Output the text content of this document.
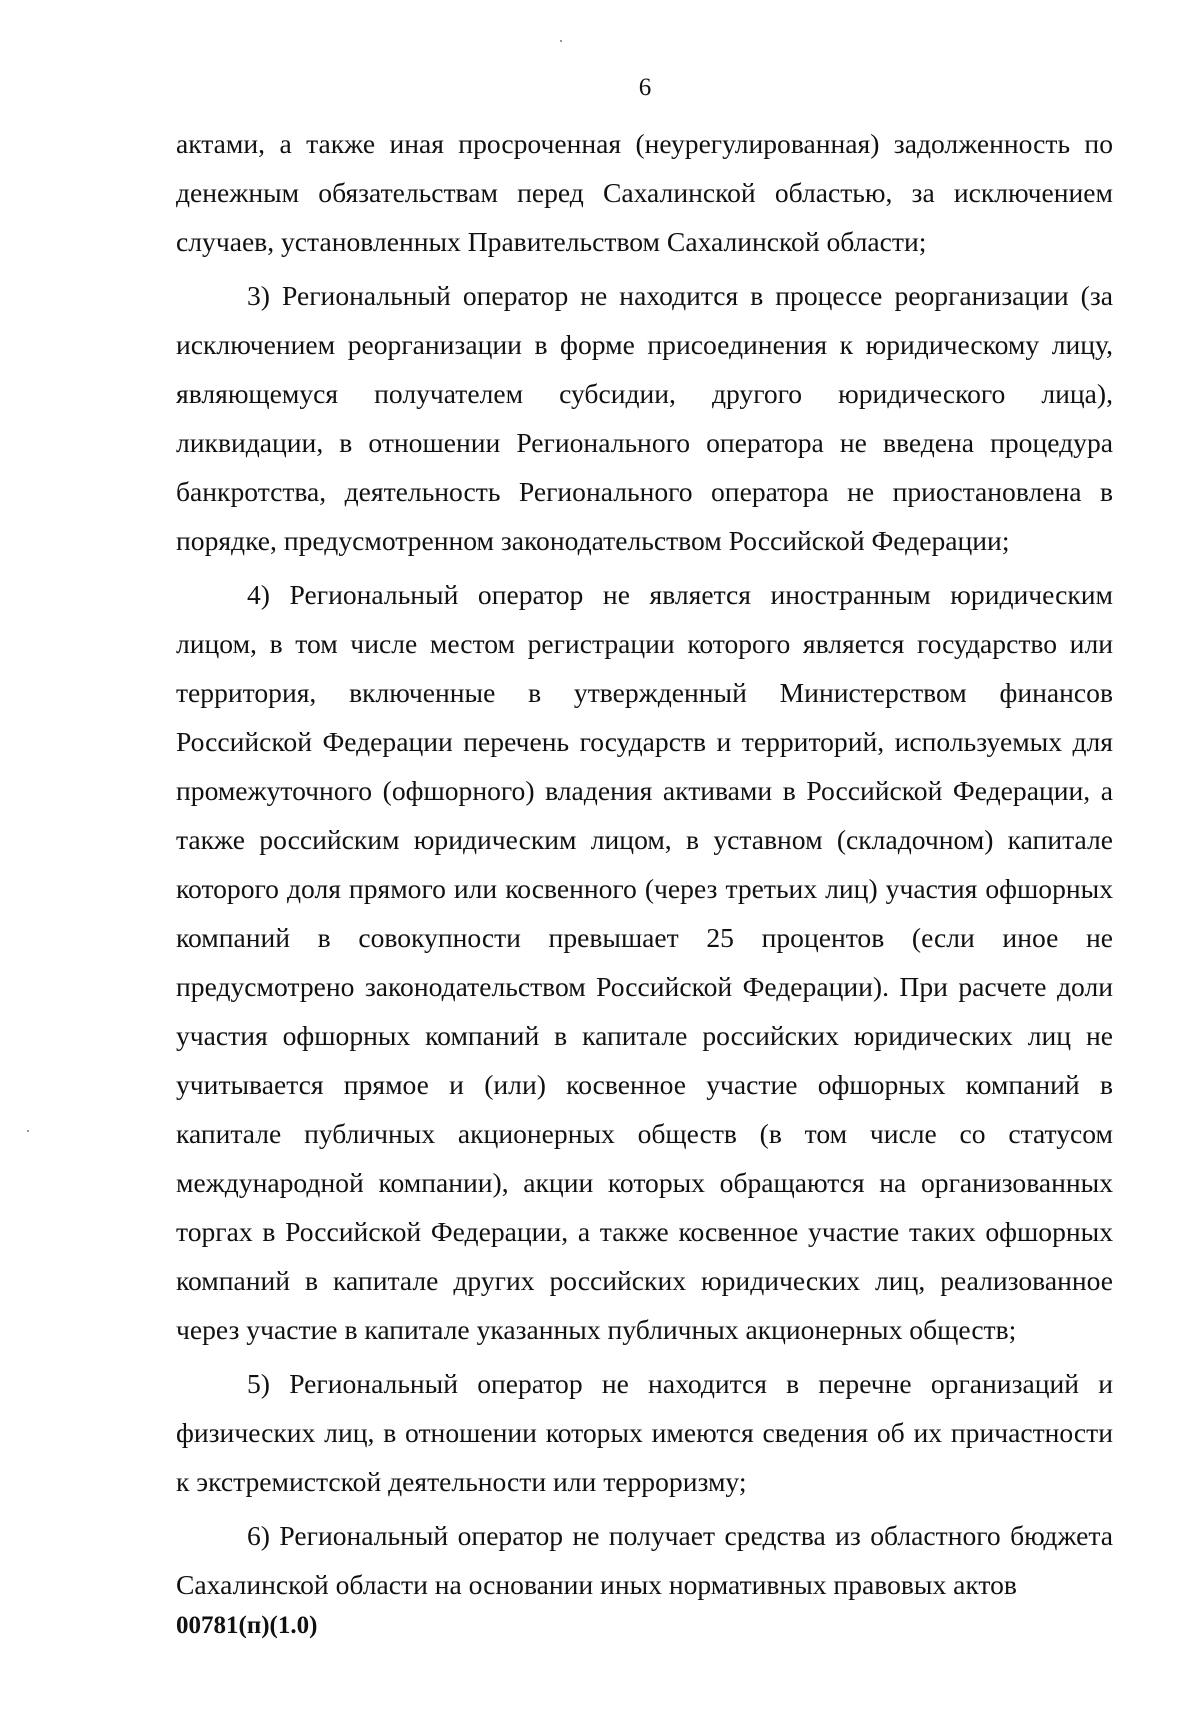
6

актами, а также иная просроченная (неурегулированная) задолженность по денежным обязательствам перед Сахалинской областью, за исключением случаев, установленных Правительством Сахалинской области;

3) Региональный оператор не находится в процессе реорганизации (за исключением реорганизации в форме присоединения к юридическому лицу, являющемуся получателем субсидии, другого юридического лица), ликвидации, в отношении Регионального оператора не введена процедура банкротства, деятельность Регионального оператора не приостановлена в порядке, предусмотренном законодательством Российской Федерации;

4) Региональный оператор не является иностранным юридическим лицом, в том числе местом регистрации которого является государство или территория, включенные в утвержденный Министерством финансов Российской Федерации перечень государств и территорий, используемых для промежуточного (офшорного) владения активами в Российской Федерации, а также российским юридическим лицом, в уставном (складочном) капитале которого доля прямого или косвенного (через третьих лиц) участия офшорных компаний в совокупности превышает 25 процентов (если иное не предусмотрено законодательством Российской Федерации). При расчете доли участия офшорных компаний в капитале российских юридических лиц не учитывается прямое и (или) косвенное участие офшорных компаний в капитале публичных акционерных обществ (в том числе со статусом международной компании), акции которых обращаются на организованных торгах в Российской Федерации, а также косвенное участие таких офшорных компаний в капитале других российских юридических лиц, реализованное через участие в капитале указанных публичных акционерных обществ;

5) Региональный оператор не находится в перечне организаций и физических лиц, в отношении которых имеются сведения об их причастности к экстремистской деятельности или терроризму;

6) Региональный оператор не получает средства из областного бюджета Сахалинской области на основании иных нормативных правовых актов

00781(п)(1.0)
